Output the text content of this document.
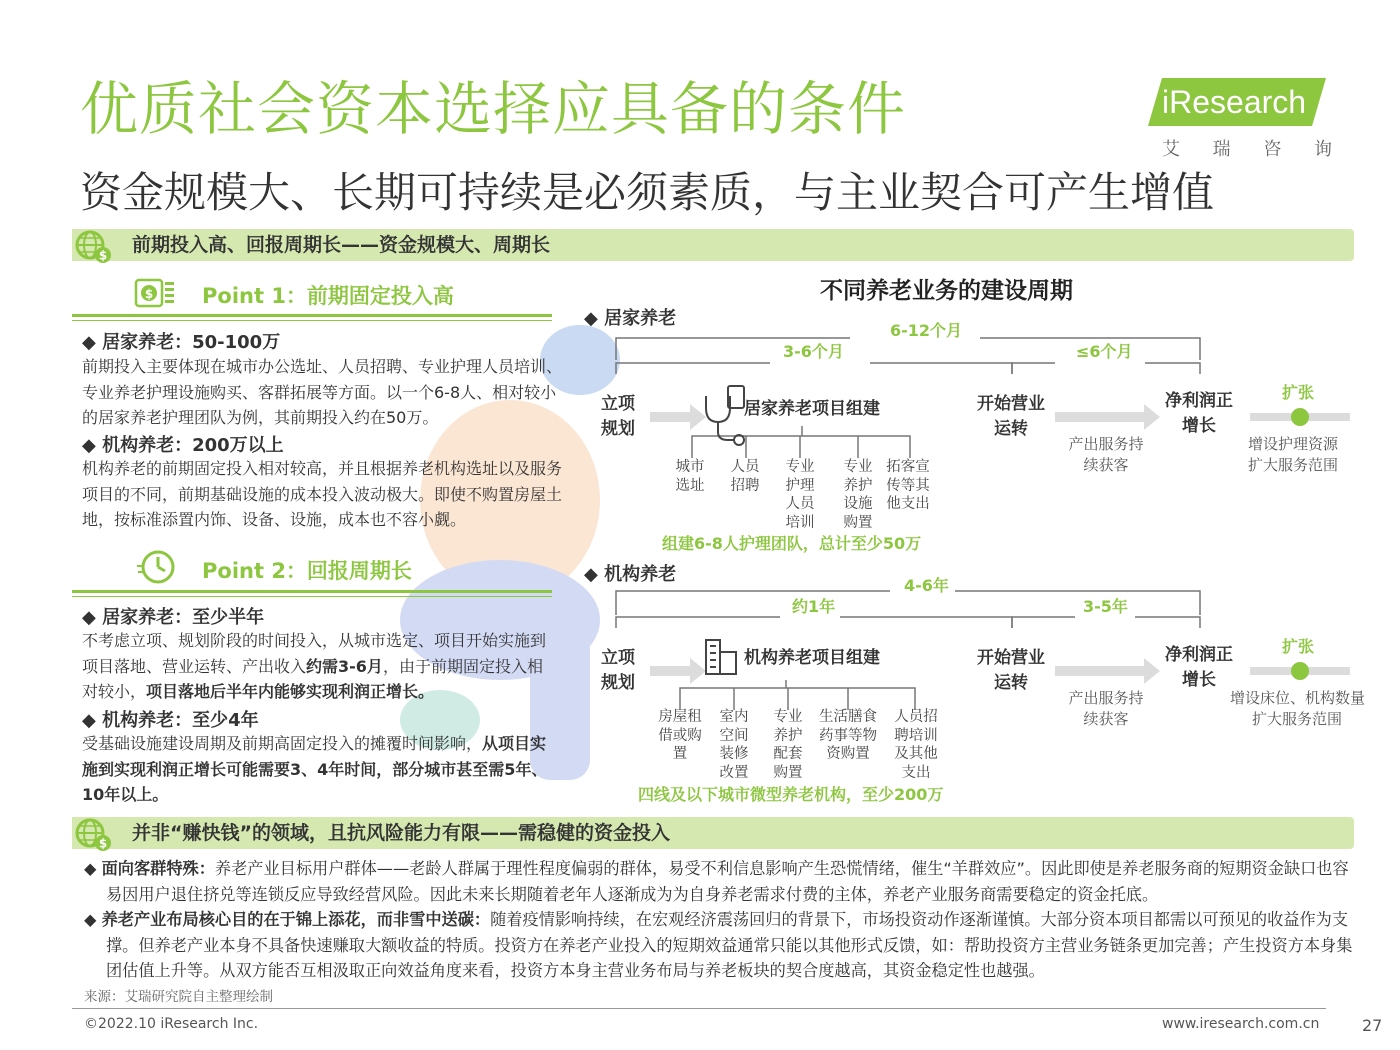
优质社会资本选择应具备的条件
资金规模大、长期可持续是必须素质，与主业契合可产生增值
iResearch
艾 瑞 咨 询
$ 前期投入高、回报周期长——资金规模大、周期长
$ Point 1：前期固定投入高
◆ 居家养老：50-100万
前期投入主要体现在城市办公选址、人员招聘、专业护理人员培训、专业养老护理设施购买、客群拓展等方面。以一个6-8人、相对较小的居家养老护理团队为例，其前期投入约在50万。
◆ 机构养老：200万以上
机构养老的前期固定投入相对较高，并且根据养老机构选址以及服务项目的不同，前期基础设施的成本投入波动极大。即使不购置房屋土地，按标准添置内饰、设备、设施，成本也不容小觑。
Point 2：回报周期长
◆ 居家养老：至少半年
不考虑立项、规划阶段的时间投入，从城市选定、项目开始实施到项目落地、营业运转、产出收入约需3-6月，由于前期固定投入相对较小，项目落地后半年内能够实现利润正增长。
◆ 机构养老：至少4年
受基础设施建设周期及前期高固定投入的摊覆时间影响，从项目实施到实现利润正增长可能需要3、4年时间，部分城市甚至需5年、10年以上。
不同养老业务的建设周期
◆ 居家养老
6-12个月
3-6个月	≤6个月
立项规划
居家养老项目组建	开始营业运转
净利润正增长
扩张
产出服务持续获客
增设护理资源
扩大服务范围
城市选址
人员招聘
专业护理人员培训
专业养护设施购置
拓客宣传等其他支出
组建6-8人护理团队，总计至少50万
◆ 机构养老
4-6年
约1年	3-5年
立项规划
机构养老项目组建	开始营业运转
净利润正增长
扩张
产出服务持续获客
增设床位、机构数量
扩大服务范围
房屋租借或购置
室内空间装修改置
专业养护配套购置
生活膳食药事等物资购置
人员招聘培训及其他支出
四线及以下城市微型养老机构，至少200万
$ 并非“赚快钱”的领域，且抗风险能力有限——需稳健的资金投入
◆ 面向客群特殊：养老产业目标用户群体——老龄人群属于理性程度偏弱的群体，易受不利信息影响产生恐慌情绪，催生“羊群效应”。因此即使是养老服务商的短期资金缺口也容易因用户退住挤兑等连锁反应导致经营风险。因此未来长期随着老年人逐渐成为为自身养老需求付费的主体，养老产业服务商需要稳定的资金托底。
◆ 养老产业布局核心目的在于锦上添花，而非雪中送碳：随着疫情影响持续，在宏观经济震荡回归的背景下，市场投资动作逐渐谨慎。大部分资本项目都需以可预见的收益作为支撑。但养老产业本身不具备快速赚取大额收益的特质。投资方在养老产业投入的短期效益通常只能以其他形式反馈，如：帮助投资方主营业务链条更加完善；产生投资方本身集团估值上升等。从双方能否互相汲取正向效益角度来看，投资方本身主营业务布局与养老板块的契合度越高，其资金稳定性也越强。
来源：艾瑞研究院自主整理绘制
©2022.10 iResearch Inc.	www.iresearch.com.cn	27
